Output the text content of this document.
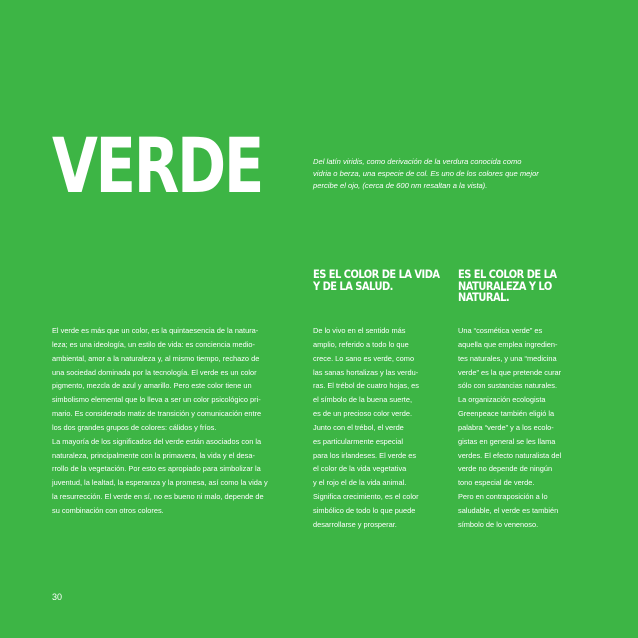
VERDE	Del latín viridis, como derivación de la verdura conocida como
vidria o berza, una especie de col. Es uno de los colores que mejor
percibe el ojo, (cerca de 600 nm resaltan a la vista).
ES EL COLOR DE LA VIDA
Y DE LA SALUD.
ES EL COLOR DE LA
NATURALEZA Y LO
NATURAL.
El verde es más que un color, es la quintaesencia de la natura-
leza; es una ideología, un estilo de vida: es conciencia medio-
ambiental, amor a la naturaleza y, al mismo tiempo, rechazo de
una sociedad dominada por la tecnología. El verde es un color
pigmento, mezcla de azul y amarillo. Pero este color tiene un
simbolismo elemental que lo lleva a ser un color psicológico pri-
mario. Es considerado matiz de transición y comunicación entre
los dos grandes grupos de colores: cálidos y fríos.
La mayoría de los significados del verde están asociados con la
naturaleza, principalmente con la primavera, la vida y el desa-
rrollo de la vegetación. Por esto es apropiado para simbolizar la
juventud, la lealtad, la esperanza y la promesa, así como la vida y
la resurrección. El verde en sí, no es bueno ni malo, depende de
su combinación con otros colores.
De lo vivo en el sentido más
amplio, referido a todo lo que
crece. Lo sano es verde, como
las sanas hortalizas y las verdu-
ras. El trébol de cuatro hojas, es
el símbolo de la buena suerte,
es de un precioso color verde.
Junto con el trébol, el verde
es particularmente especial
para los irlandeses. El verde es
el color de la vida vegetativa
y el rojo el de la vida animal.
Significa crecimiento, es el color
simbólico de todo lo que puede
desarrollarse y prosperar.
Una “cosmética verde” es
aquella que emplea ingredien-
tes naturales, y una “medicina
verde” es la que pretende curar
sólo con sustancias naturales.
La organización ecologista
Greenpeace también eligió la
palabra “verde” y a los ecolo-
gistas en general se les llama
verdes. El efecto naturalista del
verde no depende de ningún
tono especial de verde.
Pero en contraposición a lo
saludable, el verde es también
símbolo de lo venenoso.
30
